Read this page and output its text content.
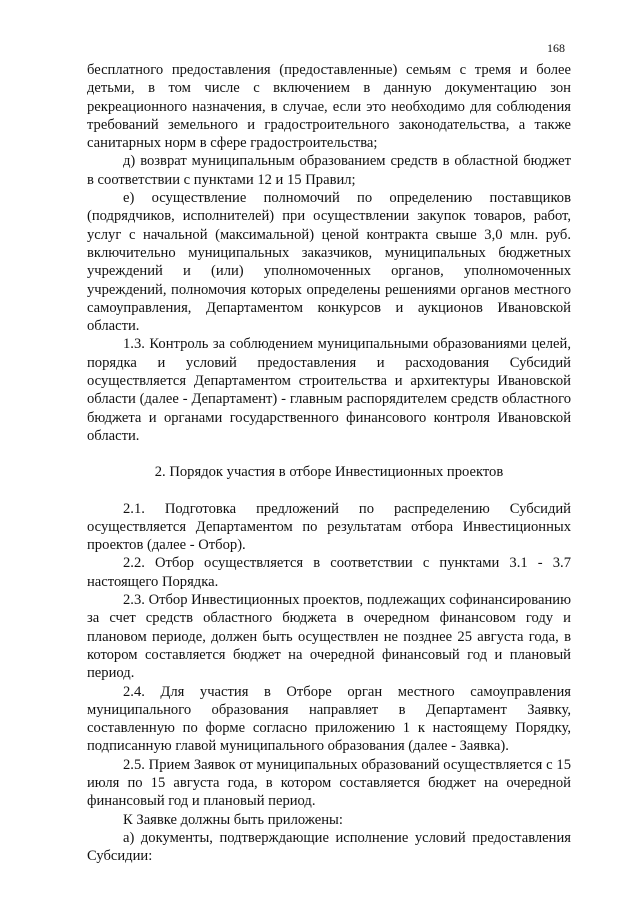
168

бесплатного предоставления (предоставленные) семьям с тремя и более детьми, в том числе с включением в данную документацию зон рекреационного назначения, в случае, если это необходимо для соблюдения требований земельного и градостроительного законодательства, а также санитарных норм в сфере градостроительства;

д) возврат муниципальным образованием средств в областной бюджет в соответствии с пунктами 12 и 15 Правил;

е) осуществление полномочий по определению поставщиков (подрядчиков, исполнителей) при осуществлении закупок товаров, работ, услуг с начальной (максимальной) ценой контракта свыше 3,0 млн. руб. включительно муниципальных заказчиков, муниципальных бюджетных учреждений и (или) уполномоченных органов, уполномоченных учреждений, полномочия которых определены решениями органов местного самоуправления, Департаментом конкурсов и аукционов Ивановской области.

1.3. Контроль за соблюдением муниципальными образованиями целей, порядка и условий предоставления и расходования Субсидий осуществляется Департаментом строительства и архитектуры Ивановской области (далее - Департамент) - главным распорядителем средств областного бюджета и органами государственного финансового контроля Ивановской области.

2. Порядок участия в отборе Инвестиционных проектов

2.1. Подготовка предложений по распределению Субсидий осуществляется Департаментом по результатам отбора Инвестиционных проектов (далее - Отбор).

2.2. Отбор осуществляется в соответствии с пунктами 3.1 - 3.7 настоящего Порядка.

2.3. Отбор Инвестиционных проектов, подлежащих софинансированию за счет средств областного бюджета в очередном финансовом году и плановом периоде, должен быть осуществлен не позднее 25 августа года, в котором составляется бюджет на очередной финансовый год и плановый период.

2.4. Для участия в Отборе орган местного самоуправления муниципального образования направляет в Департамент Заявку, составленную по форме согласно приложению 1 к настоящему Порядку, подписанную главой муниципального образования (далее - Заявка).

2.5. Прием Заявок от муниципальных образований осуществляется с 15 июля по 15 августа года, в котором составляется бюджет на очередной финансовый год и плановый период.

К Заявке должны быть приложены:

а) документы, подтверждающие исполнение условий предоставления Субсидии:
